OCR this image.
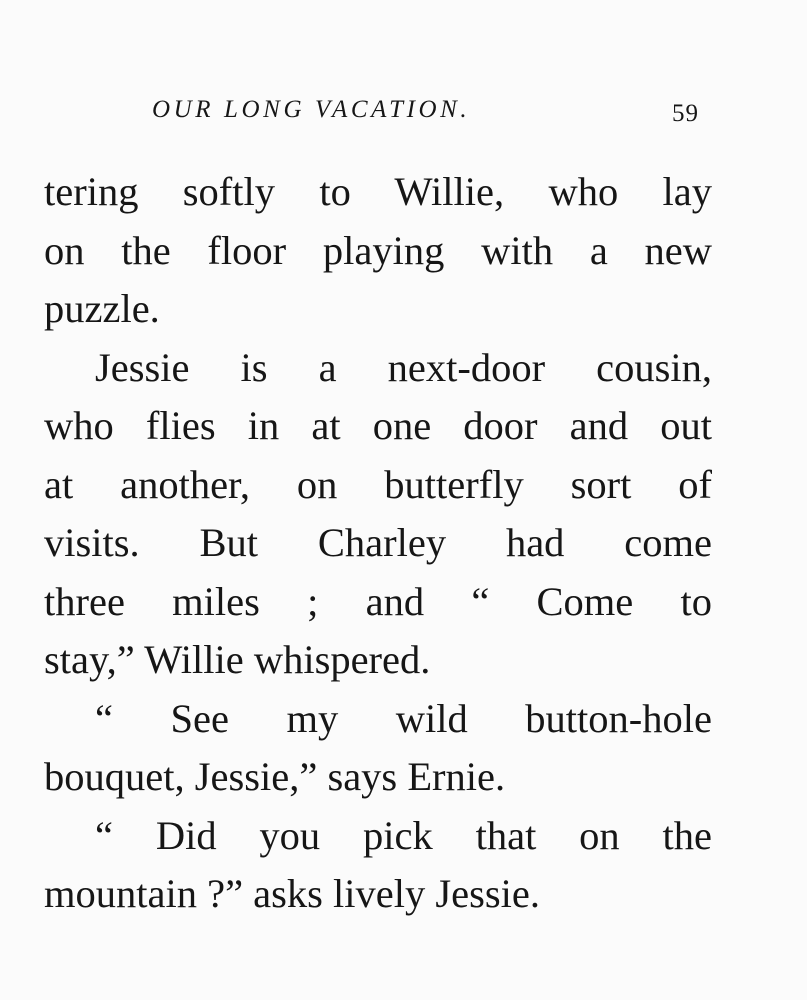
OUR LONG VACATION.	59
tering softly to Willie, who lay
on the floor playing with a new
puzzle.
Jessie is a next-door cousin,
who flies in at one door and out
at another, on butterfly sort of
visits. But Charley had come
three miles ; and “ Come to
stay,” Willie whispered.
“ See my wild button-hole
bouquet, Jessie,” says Ernie.
“ Did you pick that on the
mountain ?” asks lively Jessie.
